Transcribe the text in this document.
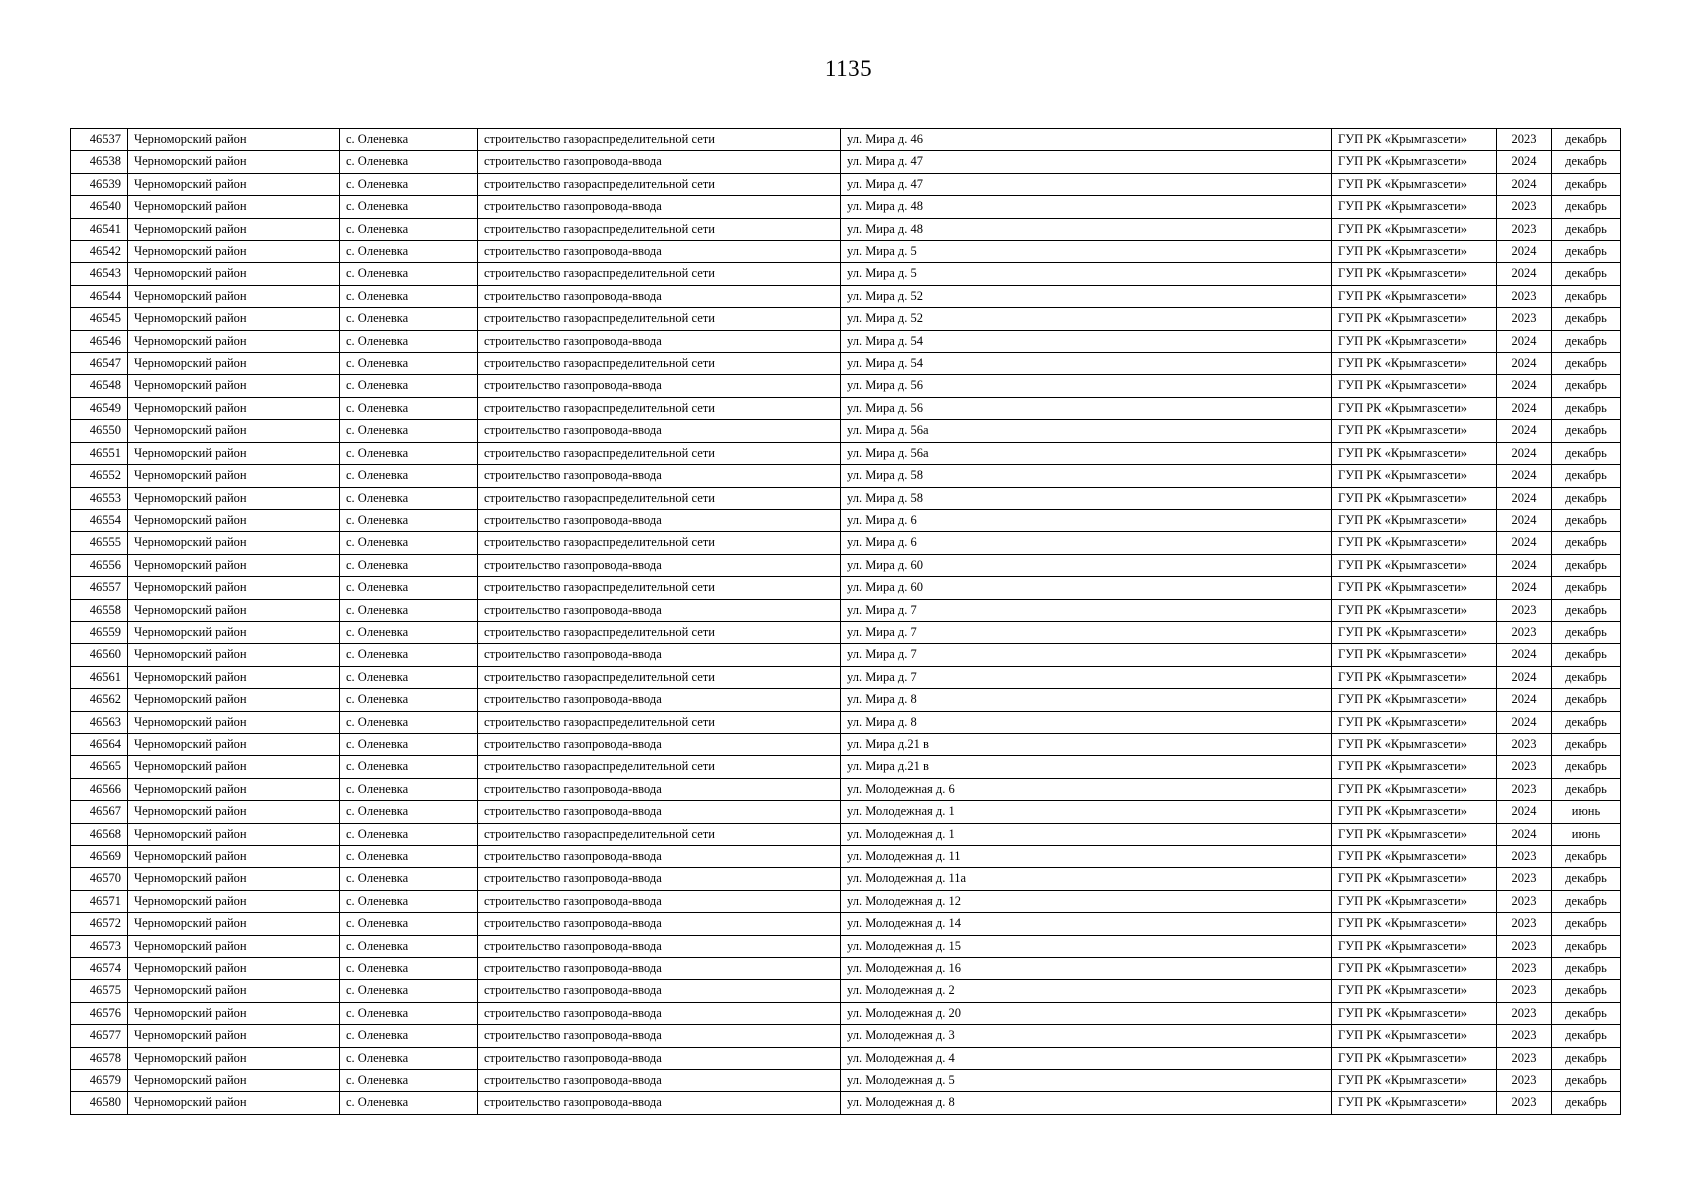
1135
46537	Черноморский район	с. Оленевка	строительство газораспределительной сети	ул. Мира д. 46	ГУП РК «Крымгазсети»	2023	декабрь
46538	Черноморский район	с. Оленевка	строительство газопровода-ввода	ул. Мира д. 47	ГУП РК «Крымгазсети»	2024	декабрь
46539	Черноморский район	с. Оленевка	строительство газораспределительной сети	ул. Мира д. 47	ГУП РК «Крымгазсети»	2024	декабрь
46540	Черноморский район	с. Оленевка	строительство газопровода-ввода	ул. Мира д. 48	ГУП РК «Крымгазсети»	2023	декабрь
46541	Черноморский район	с. Оленевка	строительство газораспределительной сети	ул. Мира д. 48	ГУП РК «Крымгазсети»	2023	декабрь
46542	Черноморский район	с. Оленевка	строительство газопровода-ввода	ул. Мира д. 5	ГУП РК «Крымгазсети»	2024	декабрь
46543	Черноморский район	с. Оленевка	строительство газораспределительной сети	ул. Мира д. 5	ГУП РК «Крымгазсети»	2024	декабрь
46544	Черноморский район	с. Оленевка	строительство газопровода-ввода	ул. Мира д. 52	ГУП РК «Крымгазсети»	2023	декабрь
46545	Черноморский район	с. Оленевка	строительство газораспределительной сети	ул. Мира д. 52	ГУП РК «Крымгазсети»	2023	декабрь
46546	Черноморский район	с. Оленевка	строительство газопровода-ввода	ул. Мира д. 54	ГУП РК «Крымгазсети»	2024	декабрь
46547	Черноморский район	с. Оленевка	строительство газораспределительной сети	ул. Мира д. 54	ГУП РК «Крымгазсети»	2024	декабрь
46548	Черноморский район	с. Оленевка	строительство газопровода-ввода	ул. Мира д. 56	ГУП РК «Крымгазсети»	2024	декабрь
46549	Черноморский район	с. Оленевка	строительство газораспределительной сети	ул. Мира д. 56	ГУП РК «Крымгазсети»	2024	декабрь
46550	Черноморский район	с. Оленевка	строительство газопровода-ввода	ул. Мира д. 56а	ГУП РК «Крымгазсети»	2024	декабрь
46551	Черноморский район	с. Оленевка	строительство газораспределительной сети	ул. Мира д. 56а	ГУП РК «Крымгазсети»	2024	декабрь
46552	Черноморский район	с. Оленевка	строительство газопровода-ввода	ул. Мира д. 58	ГУП РК «Крымгазсети»	2024	декабрь
46553	Черноморский район	с. Оленевка	строительство газораспределительной сети	ул. Мира д. 58	ГУП РК «Крымгазсети»	2024	декабрь
46554	Черноморский район	с. Оленевка	строительство газопровода-ввода	ул. Мира д. 6	ГУП РК «Крымгазсети»	2024	декабрь
46555	Черноморский район	с. Оленевка	строительство газораспределительной сети	ул. Мира д. 6	ГУП РК «Крымгазсети»	2024	декабрь
46556	Черноморский район	с. Оленевка	строительство газопровода-ввода	ул. Мира д. 60	ГУП РК «Крымгазсети»	2024	декабрь
46557	Черноморский район	с. Оленевка	строительство газораспределительной сети	ул. Мира д. 60	ГУП РК «Крымгазсети»	2024	декабрь
46558	Черноморский район	с. Оленевка	строительство газопровода-ввода	ул. Мира д. 7	ГУП РК «Крымгазсети»	2023	декабрь
46559	Черноморский район	с. Оленевка	строительство газораспределительной сети	ул. Мира д. 7	ГУП РК «Крымгазсети»	2023	декабрь
46560	Черноморский район	с. Оленевка	строительство газопровода-ввода	ул. Мира д. 7	ГУП РК «Крымгазсети»	2024	декабрь
46561	Черноморский район	с. Оленевка	строительство газораспределительной сети	ул. Мира д. 7	ГУП РК «Крымгазсети»	2024	декабрь
46562	Черноморский район	с. Оленевка	строительство газопровода-ввода	ул. Мира д. 8	ГУП РК «Крымгазсети»	2024	декабрь
46563	Черноморский район	с. Оленевка	строительство газораспределительной сети	ул. Мира д. 8	ГУП РК «Крымгазсети»	2024	декабрь
46564	Черноморский район	с. Оленевка	строительство газопровода-ввода	ул. Мира д.21 в	ГУП РК «Крымгазсети»	2023	декабрь
46565	Черноморский район	с. Оленевка	строительство газораспределительной сети	ул. Мира д.21 в	ГУП РК «Крымгазсети»	2023	декабрь
46566	Черноморский район	с. Оленевка	строительство газопровода-ввода	ул. Молодежная д. 6	ГУП РК «Крымгазсети»	2023	декабрь
46567	Черноморский район	с. Оленевка	строительство газопровода-ввода	ул. Молодежная д. 1	ГУП РК «Крымгазсети»	2024	июнь
46568	Черноморский район	с. Оленевка	строительство газораспределительной сети	ул. Молодежная д. 1	ГУП РК «Крымгазсети»	2024	июнь
46569	Черноморский район	с. Оленевка	строительство газопровода-ввода	ул. Молодежная д. 11	ГУП РК «Крымгазсети»	2023	декабрь
46570	Черноморский район	с. Оленевка	строительство газопровода-ввода	ул. Молодежная д. 11а	ГУП РК «Крымгазсети»	2023	декабрь
46571	Черноморский район	с. Оленевка	строительство газопровода-ввода	ул. Молодежная д. 12	ГУП РК «Крымгазсети»	2023	декабрь
46572	Черноморский район	с. Оленевка	строительство газопровода-ввода	ул. Молодежная д. 14	ГУП РК «Крымгазсети»	2023	декабрь
46573	Черноморский район	с. Оленевка	строительство газопровода-ввода	ул. Молодежная д. 15	ГУП РК «Крымгазсети»	2023	декабрь
46574	Черноморский район	с. Оленевка	строительство газопровода-ввода	ул. Молодежная д. 16	ГУП РК «Крымгазсети»	2023	декабрь
46575	Черноморский район	с. Оленевка	строительство газопровода-ввода	ул. Молодежная д. 2	ГУП РК «Крымгазсети»	2023	декабрь
46576	Черноморский район	с. Оленевка	строительство газопровода-ввода	ул. Молодежная д. 20	ГУП РК «Крымгазсети»	2023	декабрь
46577	Черноморский район	с. Оленевка	строительство газопровода-ввода	ул. Молодежная д. 3	ГУП РК «Крымгазсети»	2023	декабрь
46578	Черноморский район	с. Оленевка	строительство газопровода-ввода	ул. Молодежная д. 4	ГУП РК «Крымгазсети»	2023	декабрь
46579	Черноморский район	с. Оленевка	строительство газопровода-ввода	ул. Молодежная д. 5	ГУП РК «Крымгазсети»	2023	декабрь
46580	Черноморский район	с. Оленевка	строительство газопровода-ввода	ул. Молодежная д. 8	ГУП РК «Крымгазсети»	2023	декабрь
